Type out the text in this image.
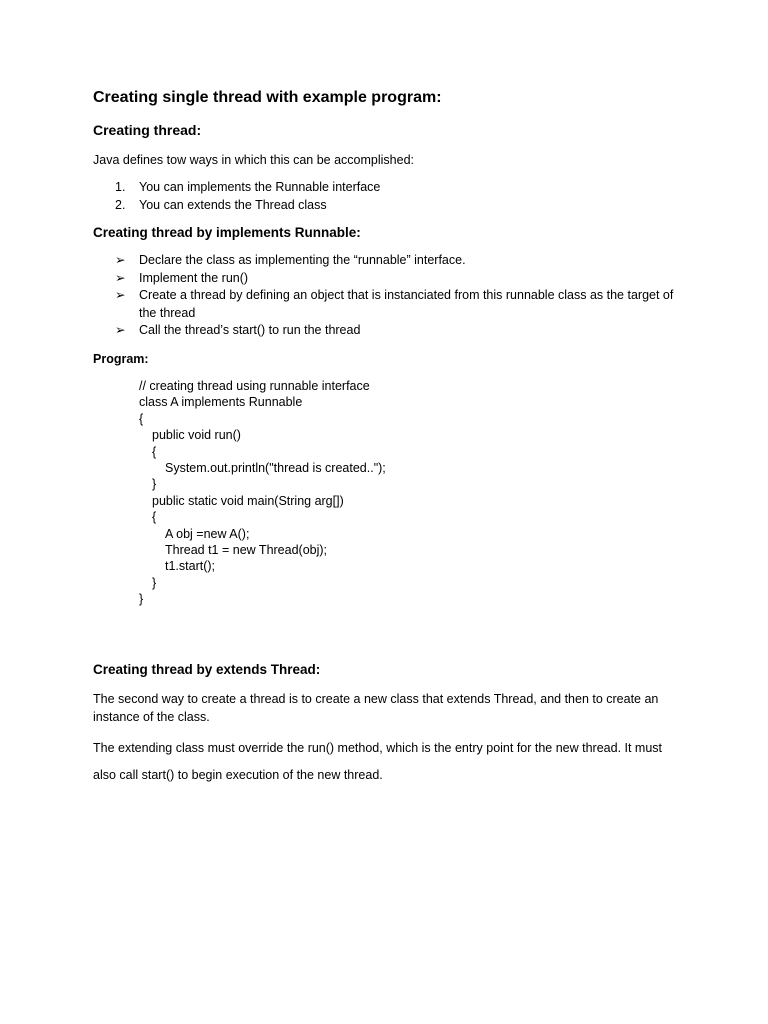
Creating single thread with example program:
Creating thread:

Java defines tow ways in which this can be accomplished:

1. You can implements the Runnable interface
2. You can extends the Thread class
Creating thread by implements Runnable:
➢ Declare the class as implementing the “runnable” interface.
➢ Implement the run()
➢ Create a thread by defining an object that is instanciated from this runnable class as the target of the thread
➢ Call the thread’s start() to run the thread

Program:

// creating thread using runnable interface
class A implements Runnable
{
public void run()
{
System.out.println("thread is created..");
}
public static void main(String arg[])
{
A obj =new A();
Thread t1 = new Thread(obj);
t1.start();
}
}
Creating thread by extends Thread:

The second way to create a thread is to create a new class that extends Thread, and then to create an instance of the class.

The extending class must override the run() method, which is the entry point for the new thread. It must also call start() to begin execution of the new thread.
